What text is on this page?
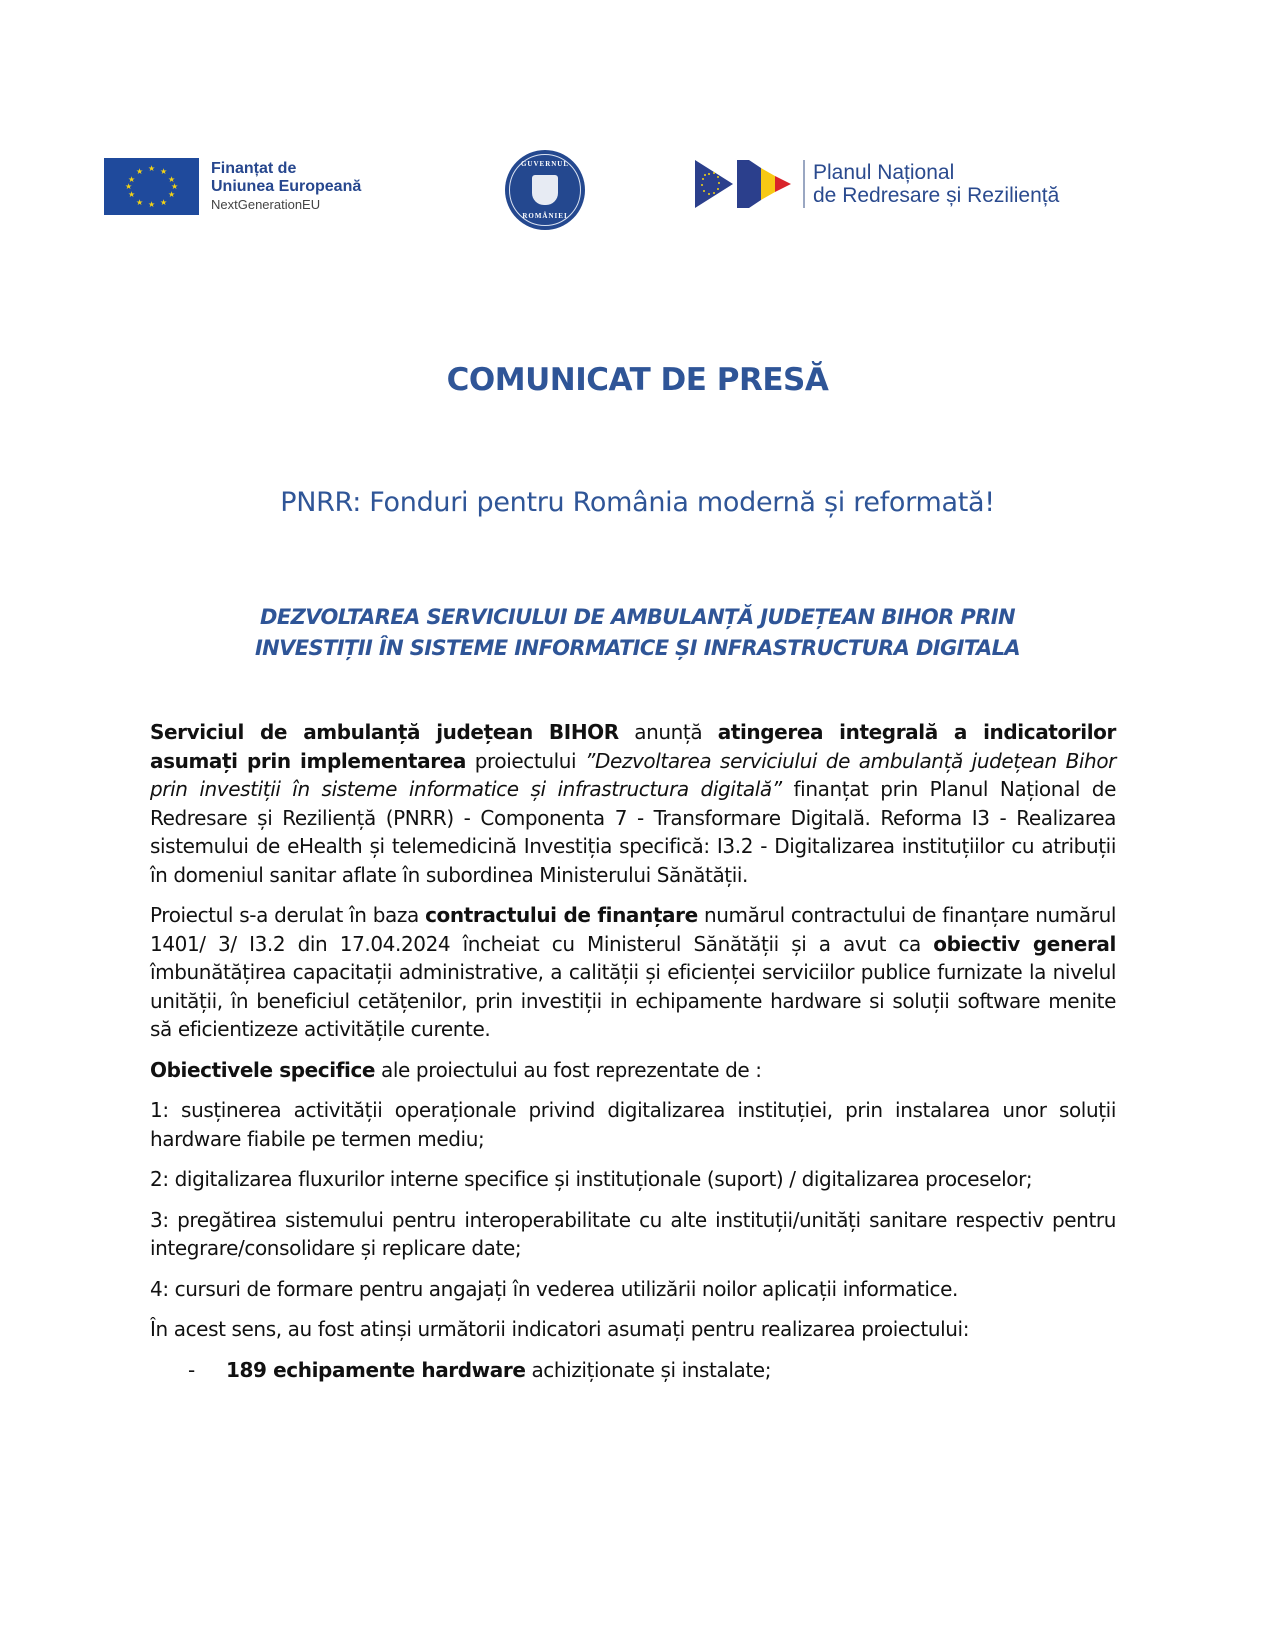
★ ★
★
★
★
★
★
★
★
★
★
★	Finanțat de
Uniunea Europeană
NextGenerationEU
GUVERNUL
ROMÂNIEI
Planul Național
de Redresare și Reziliență
COMUNICAT DE PRESĂ
PNRR: Fonduri pentru România modernă și reformată!
DEZVOLTAREA SERVICIULUI DE AMBULANȚĂ JUDEȚEAN BIHOR PRIN
INVESTIȚII ÎN SISTEME INFORMATICE ȘI INFRASTRUCTURA DIGITALA

Serviciul de ambulanță județean BIHOR anunță atingerea integrală a indicatorilor asumați prin implementarea proiectului ”Dezvoltarea serviciului de ambulanță județean Bihor prin investiții în sisteme informatice și infrastructura digitală” finanțat prin Planul Național de Redresare și Reziliență (PNRR) - Componenta 7 - Transformare Digitală. Reforma I3 - Realizarea sistemului de eHealth și telemedicină Investiția specifică: I3.2 - Digitalizarea instituțiilor cu atribuții în domeniul sanitar aflate în subordinea Ministerului Sănătății.

Proiectul s-a derulat în baza contractului de finanțare numărul contractului de finanțare numărul 1401/ 3/ I3.2 din 17.04.2024 încheiat cu Ministerul Sănătății și a avut ca obiectiv general îmbunătățirea capacitații administrative, a calității și eficienței serviciilor publice furnizate la nivelul unității, în beneficiul cetățenilor, prin investiții in echipamente hardware si soluții software menite să eficientizeze activitățile curente.

Obiectivele specifice ale proiectului au fost reprezentate de :

1: susținerea activității operaționale privind digitalizarea instituției, prin instalarea unor soluții hardware fiabile pe termen mediu;

2: digitalizarea fluxurilor interne specifice și instituționale (suport) / digitalizarea proceselor;

3: pregătirea sistemului pentru interoperabilitate cu alte instituții/unități sanitare respectiv pentru integrare/consolidare și replicare date;

4: cursuri de formare pentru angajați în vederea utilizării noilor aplicații informatice.

În acest sens, au fost atinși următorii indicatori asumați pentru realizarea proiectului:

- 189 echipamente hardware achiziționate și instalate;
